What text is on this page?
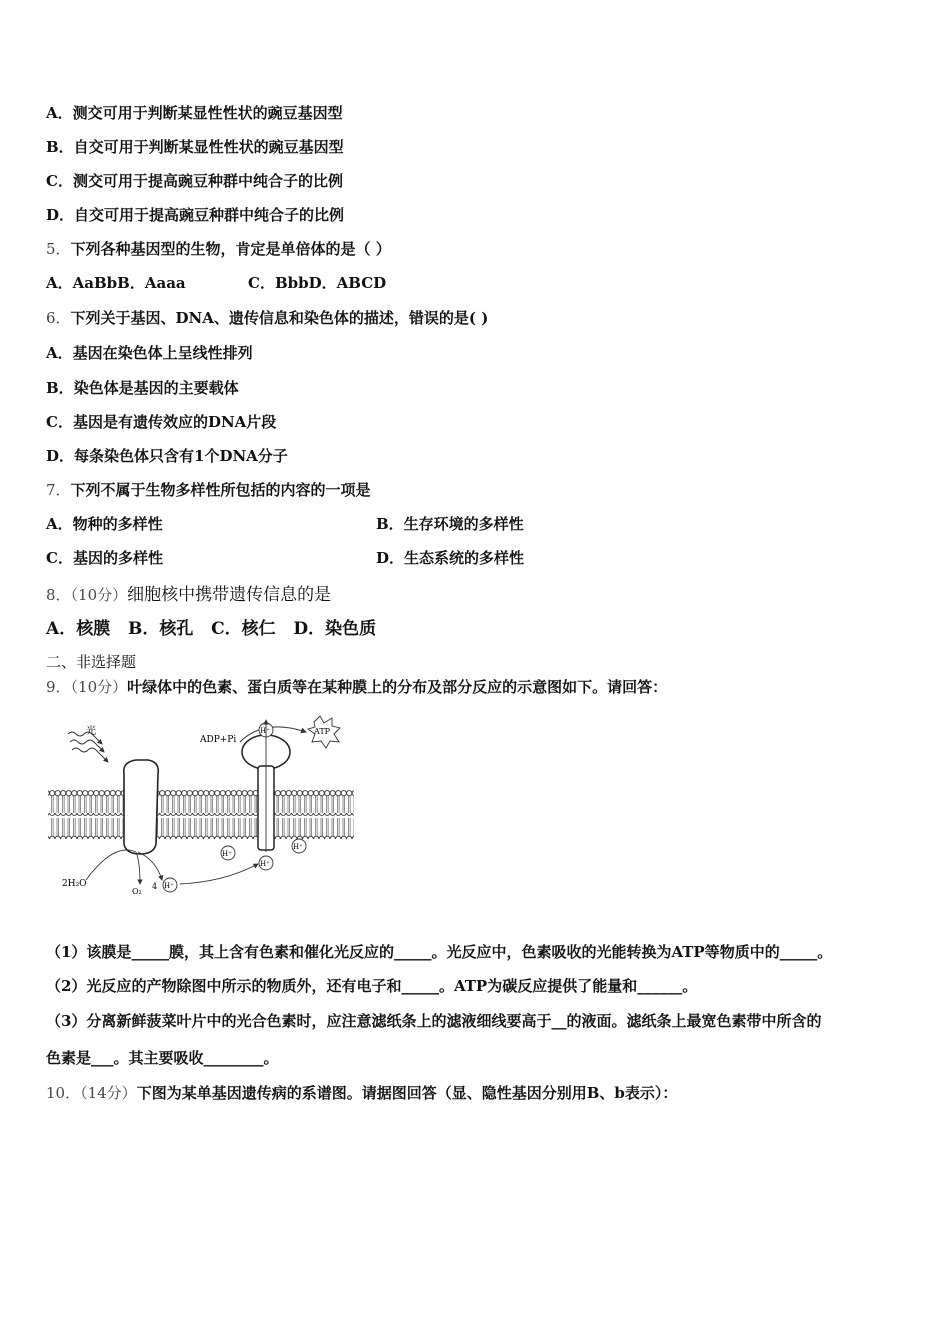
A．测交可用于判断某显性性状的豌豆基因型
B．自交可用于判断某显性性状的豌豆基因型
C．测交可用于提高豌豆种群中纯合子的比例
D．自交可用于提高豌豆种群中纯合子的比例
5．下列各种基因型的生物，肯定是单倍体的是（ ）
A．AaBbB．Aaaa	C．BbbD．ABCD
6．下列关于基因、DNA、遗传信息和染色体的描述，错误的是( )
A．基因在染色体上呈线性排列
B．染色体是基因的主要载体
C．基因是有遗传效应的DNA片段
D．每条染色体只含有1个DNA分子
7．下列不属于生物多样性所包括的内容的一项是
A．物种的多样性	B．生存环境的多样性
C．基因的多样性	D．生态系统的多样性
8．（10分）细胞核中携带遗传信息的是
A．核膜   B．核孔   C．核仁   D．染色质
二、非选择题
9．（10分）叶绿体中的色素、蛋白质等在某种膜上的分布及部分反应的示意图如下。请回答：
光
ADP+Pi
ATP
H⁺
H⁺
H⁺
H⁺
H⁺
2H₂O
O₂
4
（1）该膜是_____膜，其上含有色素和催化光反应的_____。光反应中，色素吸收的光能转换为ATP等物质中的_____。
（2）光反应的产物除图中所示的物质外，还有电子和_____。ATP为碳反应提供了能量和______。
（3）分离新鲜菠菜叶片中的光合色素时，应注意滤纸条上的滤液细线要高于__的液面。滤纸条上最宽色素带中所含的
色素是___。其主要吸收________。
10．（14分）下图为某单基因遗传病的系谱图。请据图回答（显、隐性基因分别用B、b表示）：
